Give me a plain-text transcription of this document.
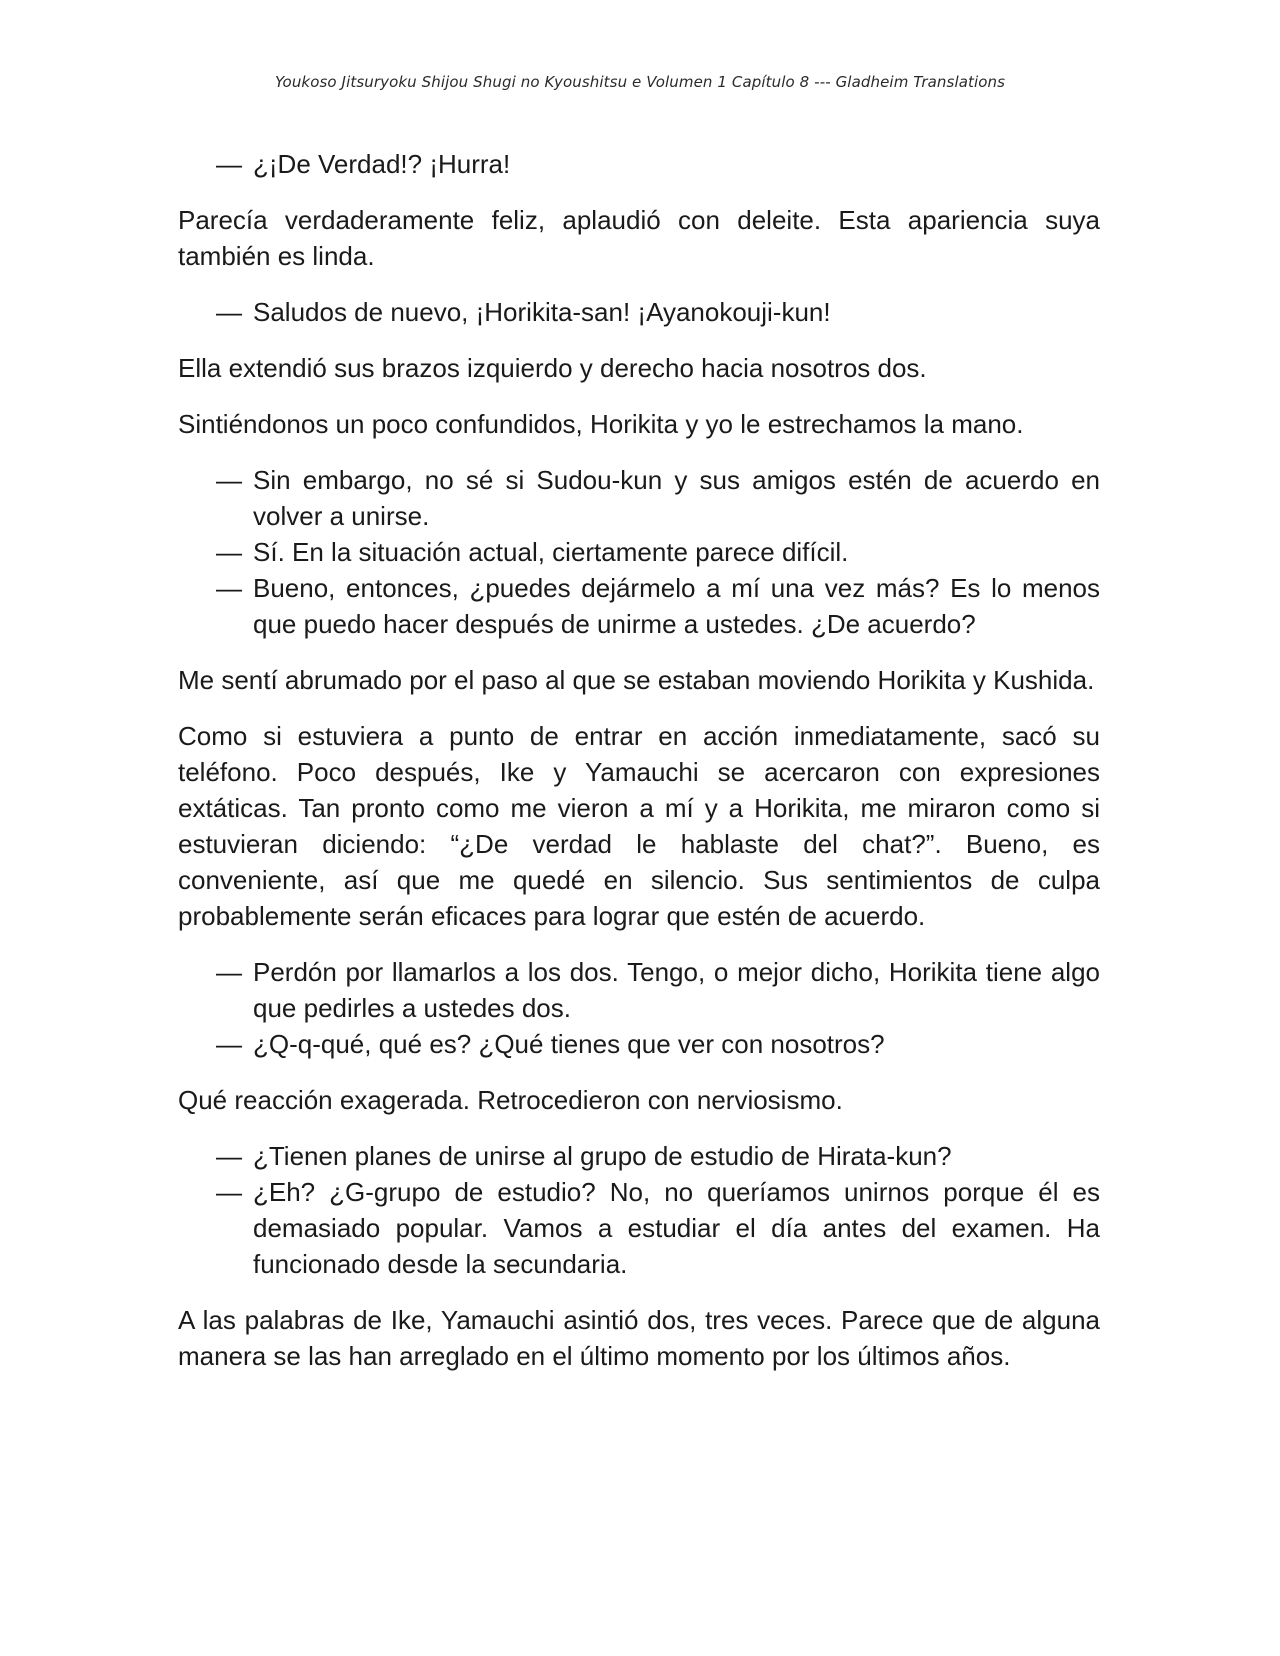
Youkoso Jitsuryoku Shijou Shugi no Kyoushitsu e Volumen 1 Capítulo 8 --- Gladheim Translations
— ¿¡De Verdad!? ¡Hurra!

Parecía verdaderamente feliz, aplaudió con deleite. Esta apariencia suya también es linda.

— Saludos de nuevo, ¡Horikita-san! ¡Ayanokouji-kun!

Ella extendió sus brazos izquierdo y derecho hacia nosotros dos.

Sintiéndonos un poco confundidos, Horikita y yo le estrechamos la mano.

— Sin embargo, no sé si Sudou-kun y sus amigos estén de acuerdo en volver a unirse.
— Sí. En la situación actual, ciertamente parece difícil.
— Bueno, entonces, ¿puedes dejármelo a mí una vez más? Es lo menos que puedo hacer después de unirme a ustedes. ¿De acuerdo?

Me sentí abrumado por el paso al que se estaban moviendo Horikita y Kushida.

Como si estuviera a punto de entrar en acción inmediatamente, sacó su teléfono. Poco después, Ike y Yamauchi se acercaron con expresiones extáticas. Tan pronto como me vieron a mí y a Horikita, me miraron como si estuvieran diciendo: “¿De verdad le hablaste del chat?”. Bueno, es conveniente, así que me quedé en silencio. Sus sentimientos de culpa probablemente serán eficaces para lograr que estén de acuerdo.

— Perdón por llamarlos a los dos. Tengo, o mejor dicho, Horikita tiene algo que pedirles a ustedes dos.
— ¿Q-q-qué, qué es? ¿Qué tienes que ver con nosotros?

Qué reacción exagerada. Retrocedieron con nerviosismo.

— ¿Tienen planes de unirse al grupo de estudio de Hirata-kun?
— ¿Eh? ¿G-grupo de estudio? No, no queríamos unirnos porque él es demasiado popular. Vamos a estudiar el día antes del examen. Ha funcionado desde la secundaria.

A las palabras de Ike, Yamauchi asintió dos, tres veces. Parece que de alguna manera se las han arreglado en el último momento por los últimos años.
